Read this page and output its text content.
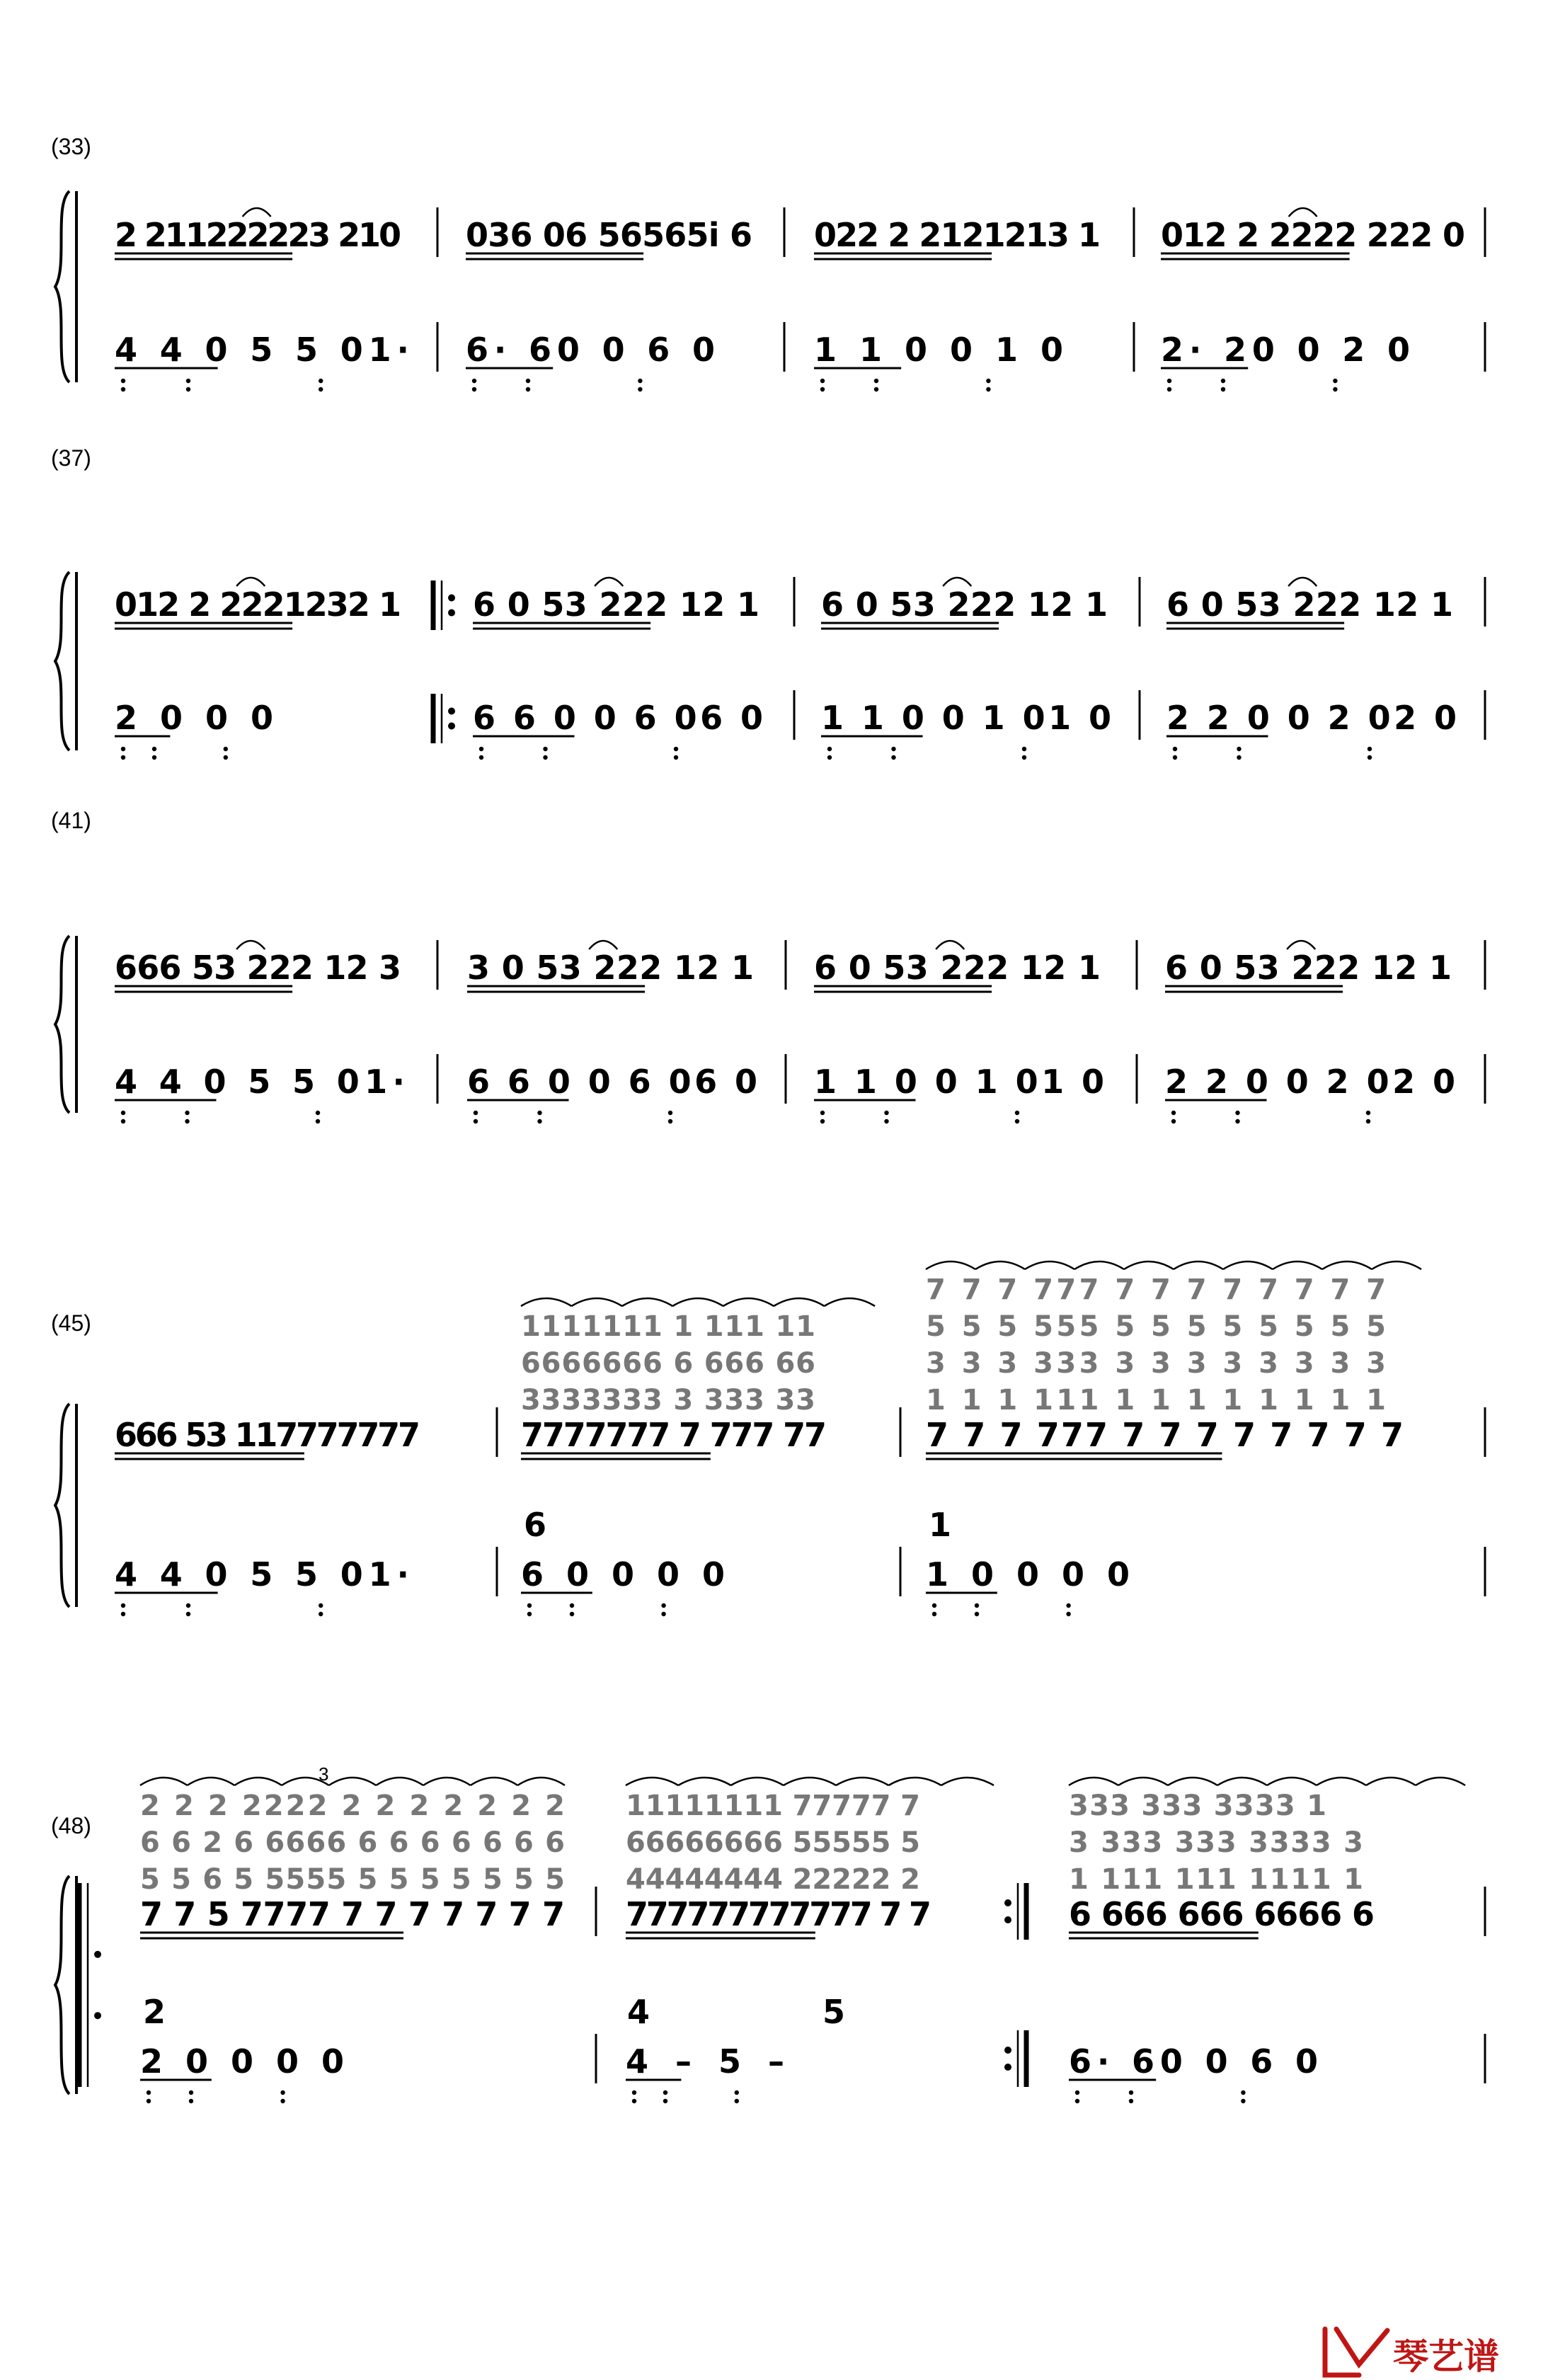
琴艺谱
(33)
2 211222223 210
4 4 0 5 5 01·
036 06 56565i 6
6· 60 0 6 0
022 2 2121213 1
1 1 0 0 1 0
012 2 2222 222 0
2· 20 0 2 0
(37)
012 2 2221232 1
2 0 0 0
6 0 53 222 12 1
6 6 0 0 6 06 0
6 0 53 222 12 1
1 1 0 0 1 01 0
6 0 53 222 12 1
2 2 0 0 2 02 0
(41)
666 53 222 12 3
4 4 0 5 5 01·
3 0 53 222 12 1
6 6 0 0 6 06 0
6 0 53 222 12 1
1 1 0 0 1 01 0
6 0 53 222 12 1
2 2 0 0 2 02 0
(45)
666 53 117777777
4 4 0 5 5 01·
1111111 1 111 11
6666666 6 666 66
3333333 3 333 33
7777777 7 777 77
6
6 0 0 0 0
7 7 7 777 7 7 7 7 7 7 7 7
5 5 5 555 5 5 5 5 5 5 5 5
3 3 3 333 3 3 3 3 3 3 3 3
1 1 1 111 1 1 1 1 1 1 1 1
7 7 7 777 7 7 7 7 7 7 7 7
1
1 0 0 0 0
(48)
2 2 2 2222 2 2 2 2 2 2 2
6 6 2 6 6666 6 6 6 6 6 6 6
5 5 6 5 5555 5 5 5 5 5 5 5
7 7 5 7777 7 7 7 7 7 7 7
2
2 0 0 0 0
11111111 77777 7
66666666 55555 5
44444444 22222 2
777777777777 7 7
4	5
4 – 5 –
333 333 3333 1
3 333 333 3333 3
1 111 111 1111 1
6 666 666 6666 6
6· 60 0 6 0
3
